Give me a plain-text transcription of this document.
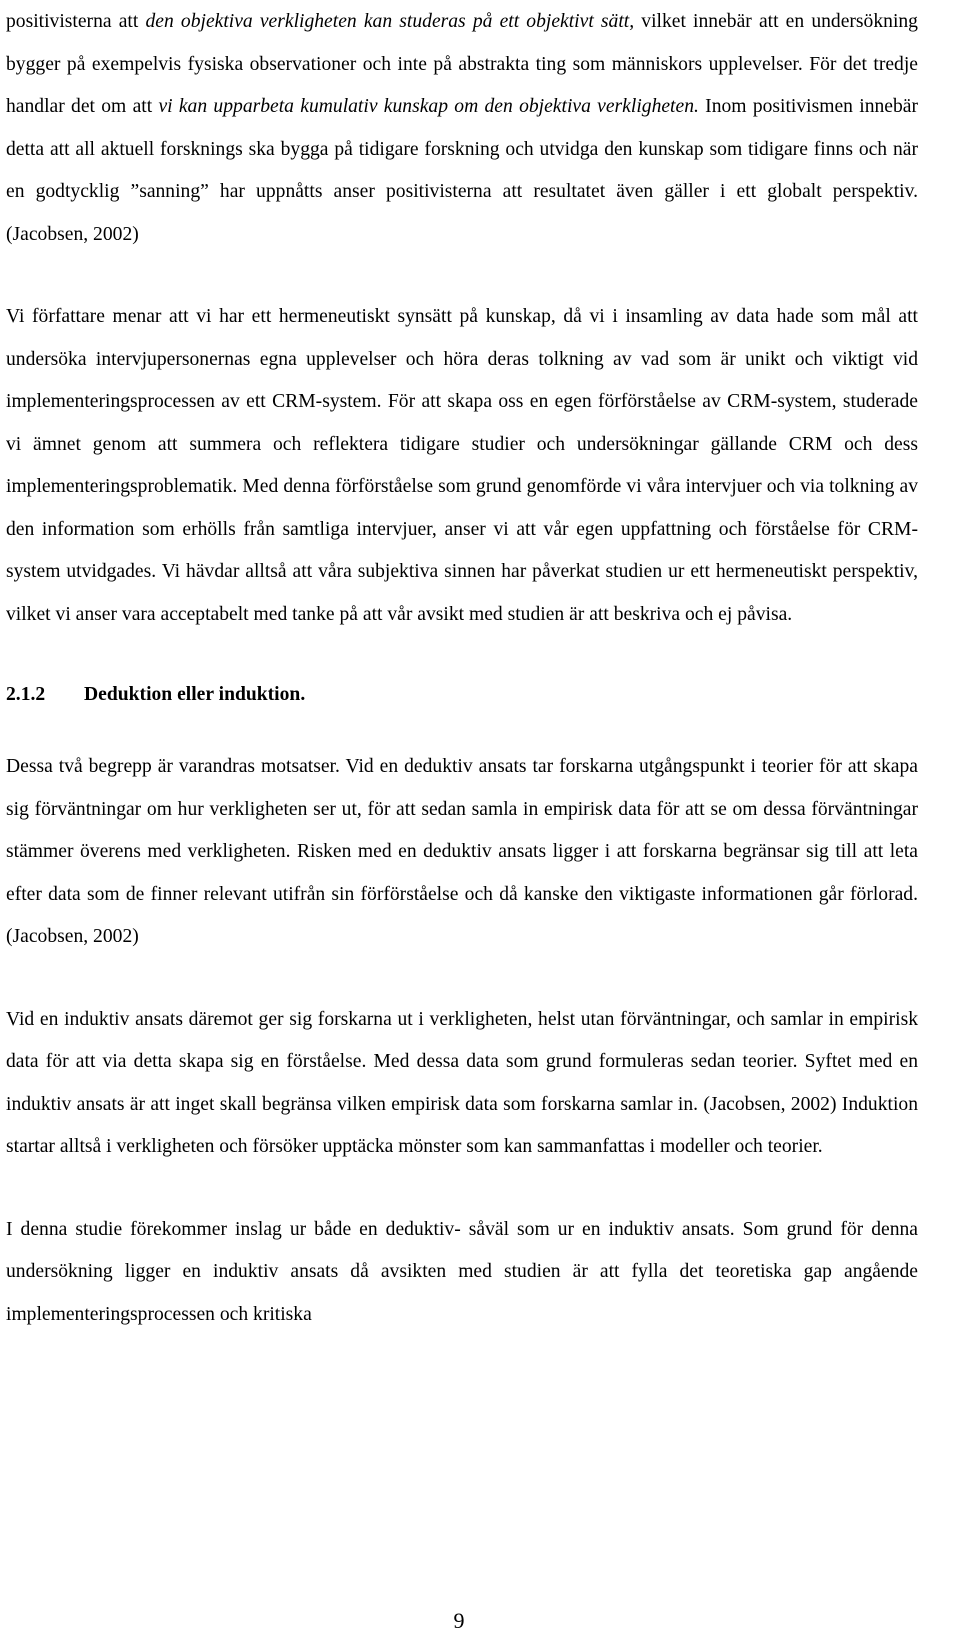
positivisterna att den objektiva verkligheten kan studeras på ett objektivt sätt, vilket innebär att en undersökning bygger på exempelvis fysiska observationer och inte på abstrakta ting som människors upplevelser. För det tredje handlar det om att vi kan upparbeta kumulativ kunskap om den objektiva verkligheten. Inom positivismen innebär detta att all aktuell forsknings ska bygga på tidigare forskning och utvidga den kunskap som tidigare finns och när en godtycklig ”sanning” har uppnåtts anser positivisterna att resultatet även gäller i ett globalt perspektiv. (Jacobsen, 2002)

Vi författare menar att vi har ett hermeneutiskt synsätt på kunskap, då vi i insamling av data hade som mål att undersöka intervjupersonernas egna upplevelser och höra deras tolkning av vad som är unikt och viktigt vid implementeringsprocessen av ett CRM-system. För att skapa oss en egen förförståelse av CRM-system, studerade vi ämnet genom att summera och reflektera tidigare studier och undersökningar gällande CRM och dess implementeringsproblematik. Med denna förförståelse som grund genomförde vi våra intervjuer och via tolkning av den information som erhölls från samtliga intervjuer, anser vi att vår egen uppfattning och förståelse för CRM-system utvidgades. Vi hävdar alltså att våra subjektiva sinnen har påverkat studien ur ett hermeneutiskt perspektiv, vilket vi anser vara acceptabelt med tanke på att vår avsikt med studien är att beskriva och ej påvisa.

2.1.2 Deduktion eller induktion.

Dessa två begrepp är varandras motsatser. Vid en deduktiv ansats tar forskarna utgångspunkt i teorier för att skapa sig förväntningar om hur verkligheten ser ut, för att sedan samla in empirisk data för att se om dessa förväntningar stämmer överens med verkligheten. Risken med en deduktiv ansats ligger i att forskarna begränsar sig till att leta efter data som de finner relevant utifrån sin förförståelse och då kanske den viktigaste informationen går förlorad. (Jacobsen, 2002)

Vid en induktiv ansats däremot ger sig forskarna ut i verkligheten, helst utan förväntningar, och samlar in empirisk data för att via detta skapa sig en förståelse. Med dessa data som grund formuleras sedan teorier. Syftet med en induktiv ansats är att inget skall begränsa vilken empirisk data som forskarna samlar in. (Jacobsen, 2002) Induktion startar alltså i verkligheten och försöker upptäcka mönster som kan sammanfattas i modeller och teorier.

I denna studie förekommer inslag ur både en deduktiv- såväl som ur en induktiv ansats. Som grund för denna undersökning ligger en induktiv ansats då avsikten med studien är att fylla det teoretiska gap angående implementeringsprocessen och kritiska

9
